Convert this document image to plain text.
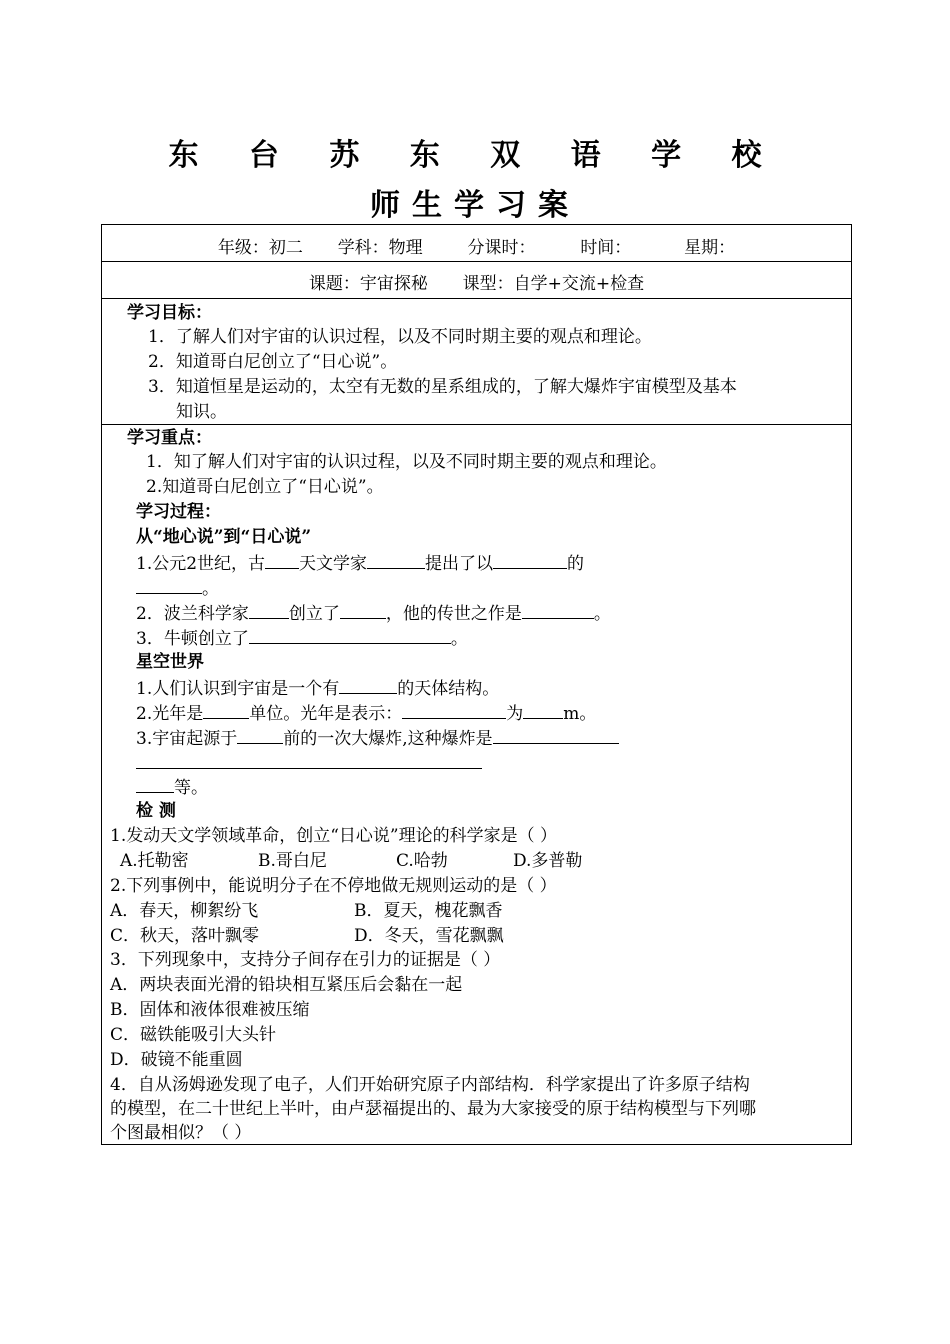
东 台 苏 东 双 语 学 校
师生学习案
年级：初二 学科：物理	分课时：	时间：	星期：
课题：宇宙探秘 课型：自学+交流+检查
学习目标：
1．了解人们对宇宙的认识过程，以及不同时期主要的观点和理论。
2．知道哥白尼创立了“日心说”。
3．知道恒星是运动的，太空有无数的星系组成的，了解大爆炸宇宙模型及基本
知识。
学习重点：
1．知了解人们对宇宙的认识过程，以及不同时期主要的观点和理论。
2.知道哥白尼创立了“日心说”。
学习过程：
从“地心说”到“日心说”
1.公元2世纪，古 天文学家	提出了以	的
。
2．波兰科学家 创立了	，他的传世之作是	。
3．牛顿创立了	。
星空世界
1.人们认识到宇宙是一个有	的天体结构。
2.光年是	单位。光年是表示：	为 m。
3.宇宙起源于	前的一次大爆炸,这种爆炸是
等。
检 测
1.发动天文学领域革命，创立“日心说”理论的科学家是（ ）
A.托勒密	B.哥白尼	C.哈勃	D.多普勒
2.下列事例中，能说明分子在不停地做无规则运动的是（ ）
A．春天，柳絮纷飞	B．夏天，槐花飘香
C．秋天，落叶飘零	D．冬天，雪花飘飘
3．下列现象中，支持分子间存在引力的证据是（ ）
A．两块表面光滑的铅块相互紧压后会黏在一起
B．固体和液体很难被压缩
C．磁铁能吸引大头针
D．破镜不能重圆
4．自从汤姆逊发现了电子，人们开始研究原子内部结构．科学家提出了许多原子结构
的模型，在二十世纪上半叶，由卢瑟福提出的、最为大家接受的原于结构模型与下列哪
个图最相似？（ ）
